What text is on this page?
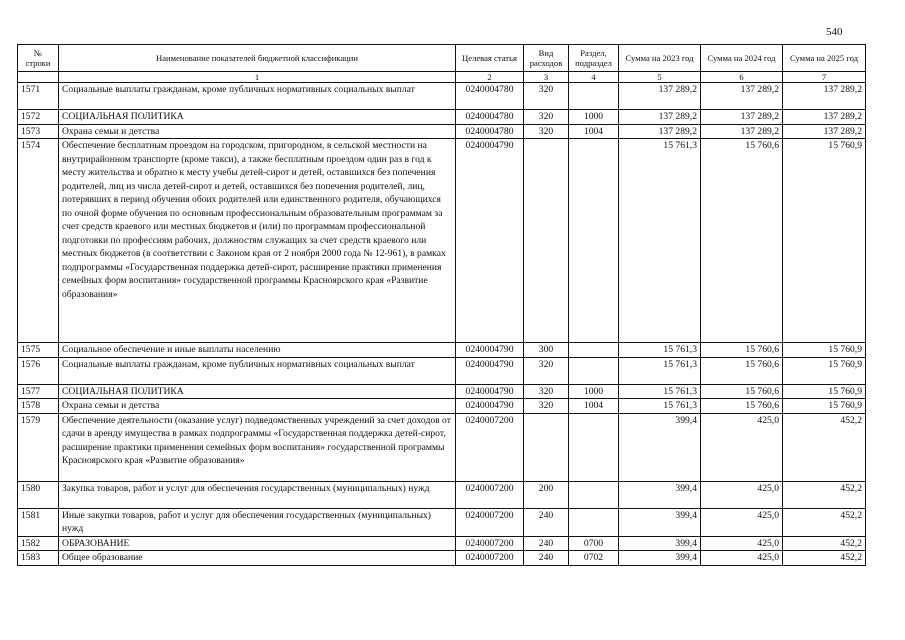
540
№ строки	Наименование показателей бюджетной классификации	Целевая статья	Вид расходов	Раздел, подраздел	Сумма на 2023 год	Сумма на 2024 год	Сумма на 2025 год
	1	2	3	4	5	6	7
1571	Социальные выплаты гражданам, кроме публичных нормативных социальных выплат	0240004780	320		137 289,2	137 289,2	137 289,2
1572	СОЦИАЛЬНАЯ ПОЛИТИКА	0240004780	320	1000	137 289,2	137 289,2	137 289,2
1573	Охрана семьи и детства	0240004780	320	1004	137 289,2	137 289,2	137 289,2
1574	Обеспечение бесплатным проездом на городском, пригородном, в сельской местности на внутрирайонном транспорте (кроме такси), а также бесплатным проездом один раз в год к месту жительства и обратно к месту учебы детей-сирот и детей, оставшихся без попечения родителей, лиц из числа детей-сирот и детей, оставшихся без попечения родителей, лиц, потерявших в период обучения обоих родителей или единственного родителя, обучающихся по очной форме обучения по основным профессиональным образовательным программам за счет средств краевого или местных бюджетов и (или) по программам профессиональной подготовки по профессиям рабочих, должностям служащих за счет средств краевого или местных бюджетов (в соответствии с Законом края от 2 ноября 2000 года № 12-961), в рамках подпрограммы «Государственная поддержка детей-сирот, расширение практики применения семейных форм воспитания» государственной программы Красноярского края «Развитие образования»	0240004790			15 761,3	15 760,6	15 760,9
1575	Социальное обеспечение и иные выплаты населению	0240004790	300		15 761,3	15 760,6	15 760,9
1576	Социальные выплаты гражданам, кроме публичных нормативных социальных выплат	0240004790	320		15 761,3	15 760,6	15 760,9
1577	СОЦИАЛЬНАЯ ПОЛИТИКА	0240004790	320	1000	15 761,3	15 760,6	15 760,9
1578	Охрана семьи и детства	0240004790	320	1004	15 761,3	15 760,6	15 760,9
1579	Обеспечение деятельности (оказание услуг) подведомственных учреждений за счет доходов от сдачи в аренду имущества в рамках подпрограммы «Государственная поддержка детей-сирот, расширение практики применения семейных форм воспитания» государственной программы Красноярского края «Развитие образования»	0240007200			399,4	425,0	452,2
1580	Закупка товаров, работ и услуг для обеспечения государственных (муниципальных) нужд	0240007200	200		399,4	425,0	452,2
1581	Иные закупки товаров, работ и услуг для обеспечения государственных (муниципальных) нужд	0240007200	240		399,4	425,0	452,2
1582	ОБРАЗОВАНИЕ	0240007200	240	0700	399,4	425,0	452,2
1583	Общее образование	0240007200	240	0702	399,4	425,0	452,2
